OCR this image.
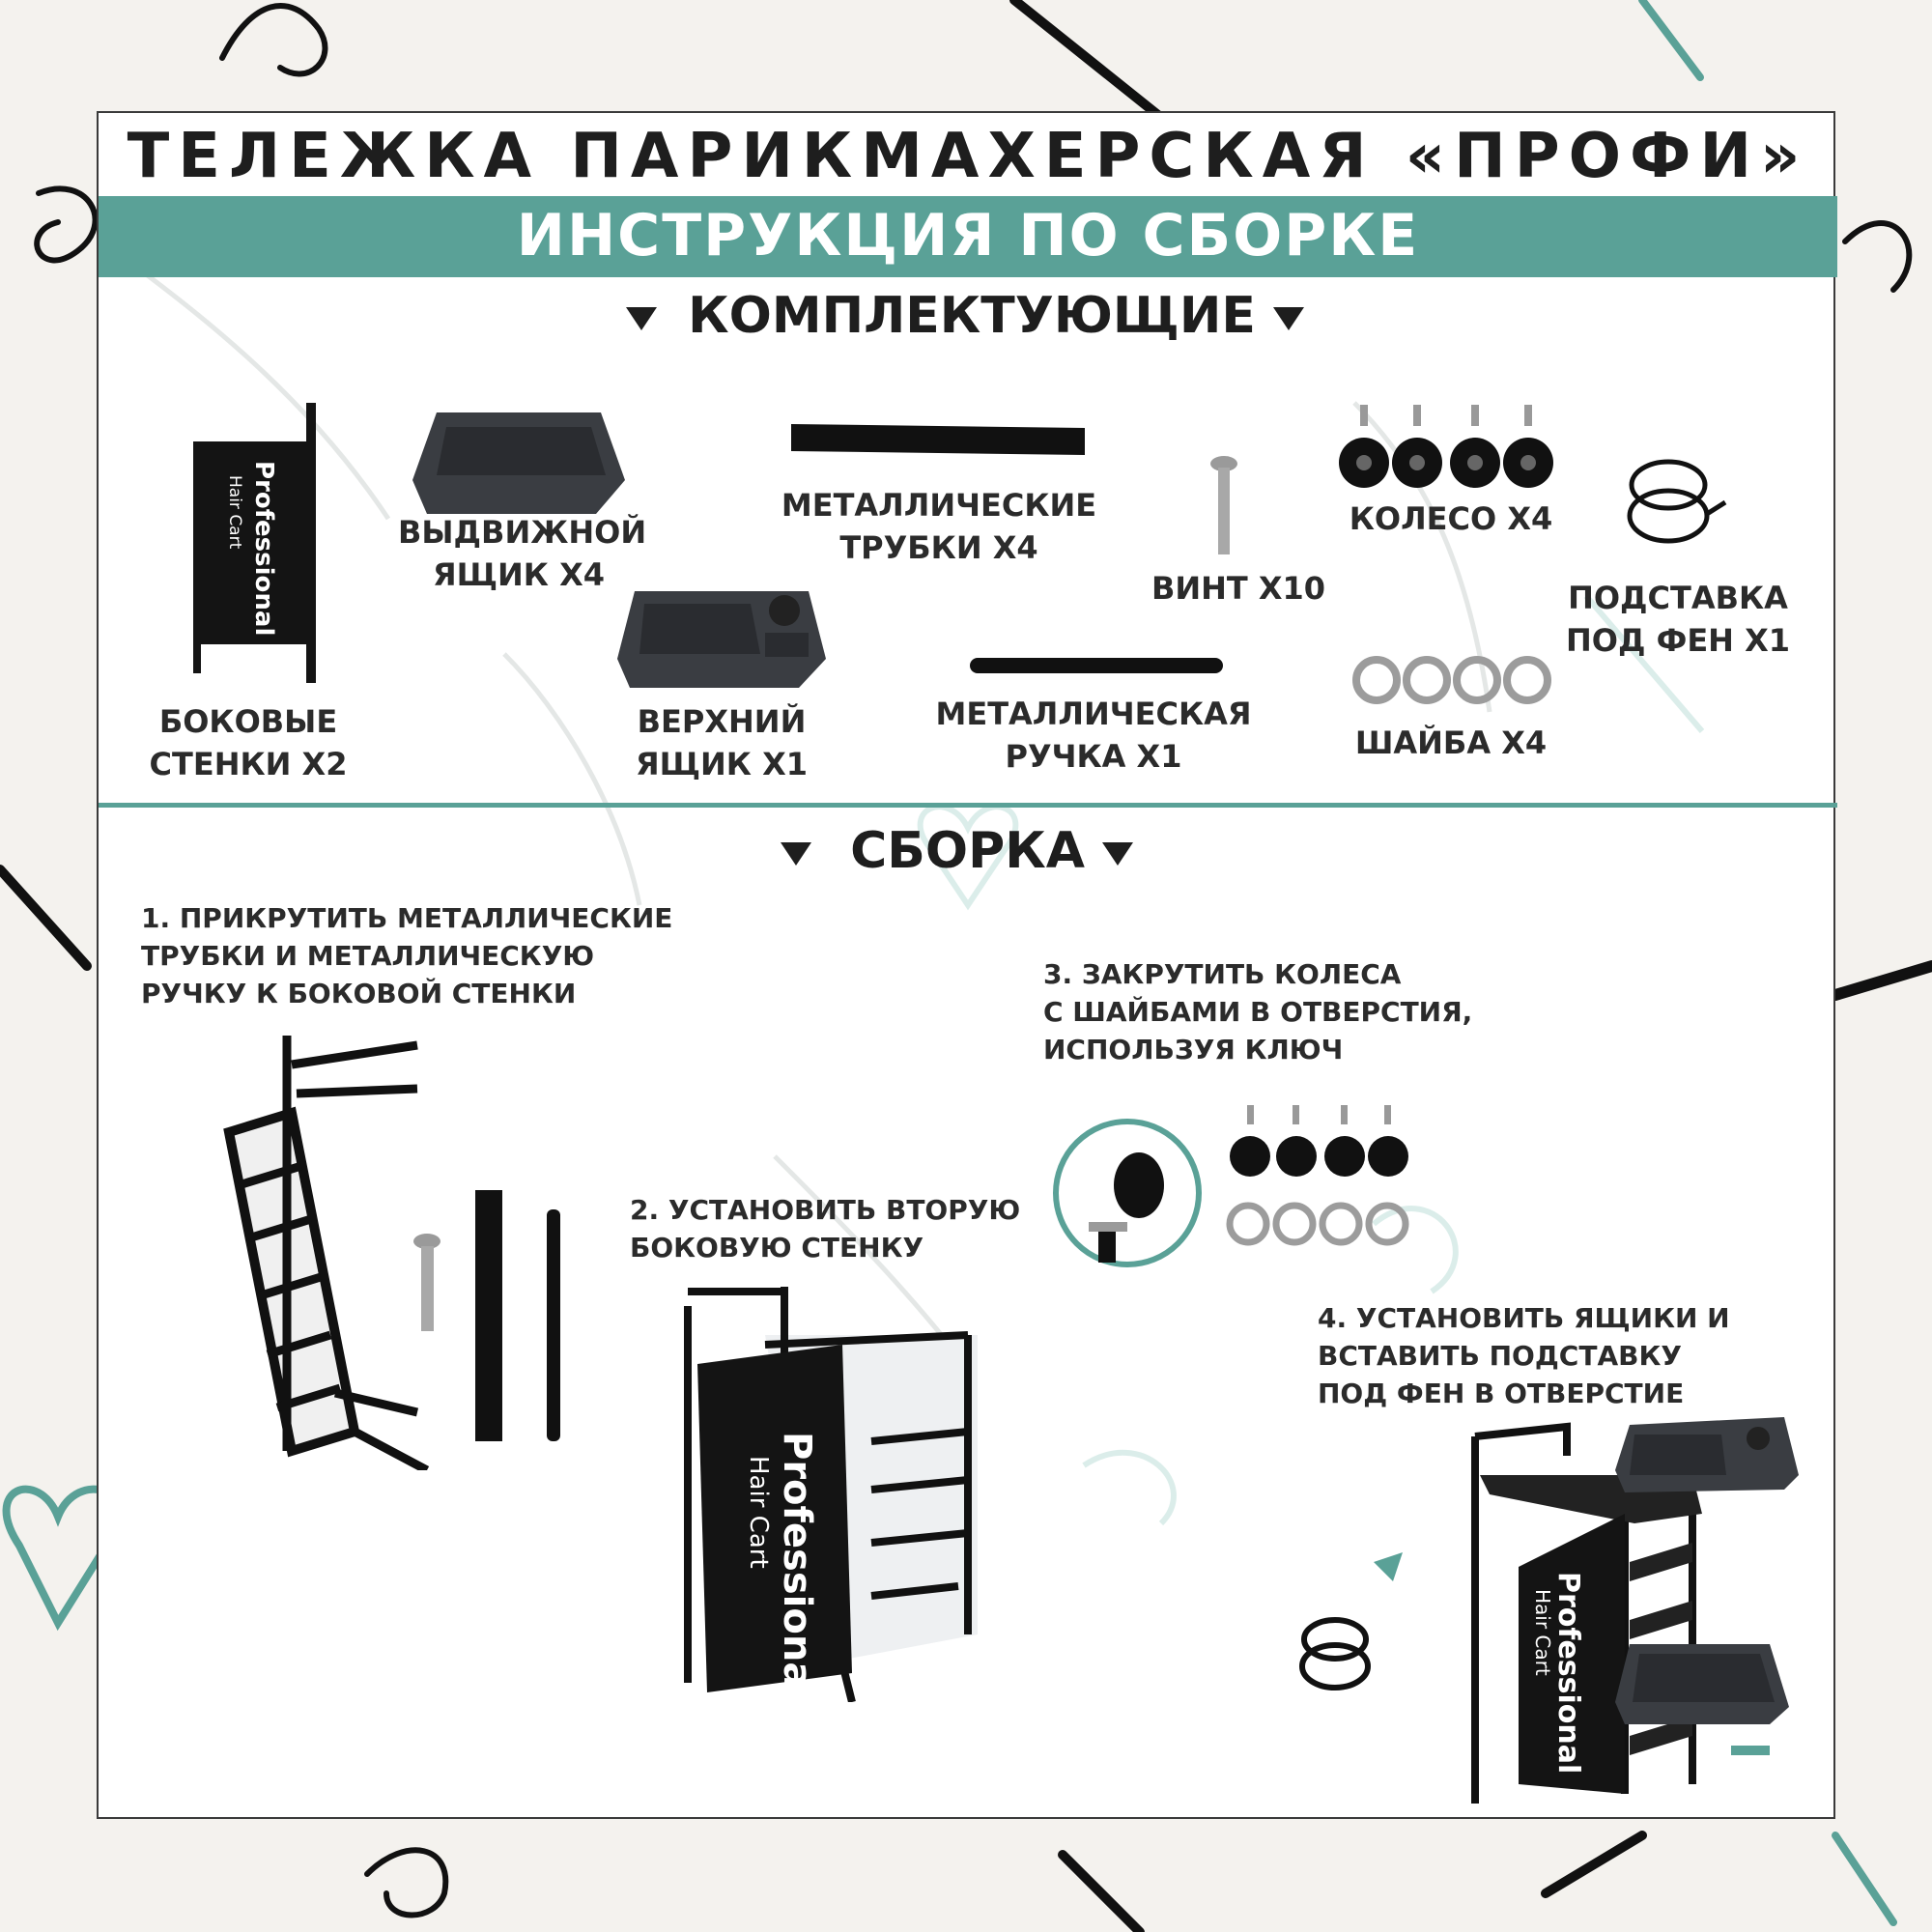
ТЕЛЕЖКА ПАРИКМАХЕРСКАЯ «ПРОФИ»
ИНСТРУКЦИЯ ПО СБОРКЕ
КОМПЛЕКТУЮЩИЕ
Professional
Hair Cart
БОКОВЫЕ
СТЕНКИ Х2
ВЫДВИЖНОЙ
ЯЩИК Х4
ВЕРХНИЙ
ЯЩИК Х1
МЕТАЛЛИЧЕСКИЕ
ТРУБКИ Х4
МЕТАЛЛИЧЕСКАЯ
РУЧКА Х1
ВИНТ Х10
КОЛЕСО Х4
ШАЙБА Х4
ПОДСТАВКА
ПОД ФЕН Х1
СБОРКА
1. ПРИКРУТИТЬ МЕТАЛЛИЧЕСКИЕ
ТРУБКИ И МЕТАЛЛИЧЕСКУЮ
РУЧКУ К БОКОВОЙ СТЕНКИ
2. УСТАНОВИТЬ ВТОРУЮ
БОКОВУЮ СТЕНКУ
Professional
Hair Cart
3. ЗАКРУТИТЬ КОЛЕСА
С ШАЙБАМИ В ОТВЕРСТИЯ,
ИСПОЛЬЗУЯ КЛЮЧ
4. УСТАНОВИТЬ ЯЩИКИ И
ВСТАВИТЬ ПОДСТАВКУ
ПОД ФЕН В ОТВЕРСТИЕ
Professional
Hair Cart
